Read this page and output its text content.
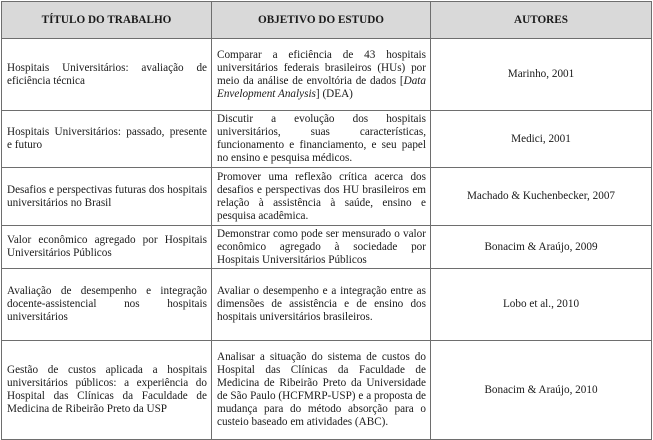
TÍTULO DO TRABALHO	OBJETIVO DO ESTUDO	AUTORES
Hospitais Universitários: avaliação de eficiência técnica	Comparar a eficiência de 43 hospitais universitários federais brasileiros (HUs) por meio da análise de envoltória de dados [Data Envelopment Analysis] (DEA)	Marinho, 2001
Hospitais Universitários: passado, presente e futuro	Discutir a evolução dos hospitais universitários, suas características, funcionamento e financiamento, e seu papel no ensino e pesquisa médicos.	Medici, 2001
Desafios e perspectivas futuras dos hospitais universitários no Brasil	Promover uma reflexão crítica acerca dos desafios e perspectivas dos HU brasileiros em relação à assistência à saúde, ensino e pesquisa acadêmica.	Machado & Kuchenbecker, 2007
Valor econômico agregado por Hospitais Universitários Públicos	Demonstrar como pode ser mensurado o valor econômico agregado à sociedade por Hospitais Universitários Públicos	Bonacim & Araújo, 2009
Avaliação de desempenho e integração docente-assistencial nos hospitais universitários	Avaliar o desempenho e a integração entre as dimensões de assistência e de ensino dos hospitais universitários brasileiros.	Lobo et al., 2010
Gestão de custos aplicada a hospitais universitários públicos: a experiência do Hospital das Clínicas da Faculdade de Medicina de Ribeirão Preto da USP	Analisar a situação do sistema de custos do Hospital das Clínicas da Faculdade de Medicina de Ribeirão Preto da Universidade de São Paulo (HCFMRP-USP) e a proposta de mudança para do método absorção para o custeio baseado em atividades (ABC).	Bonacim & Araújo, 2010
